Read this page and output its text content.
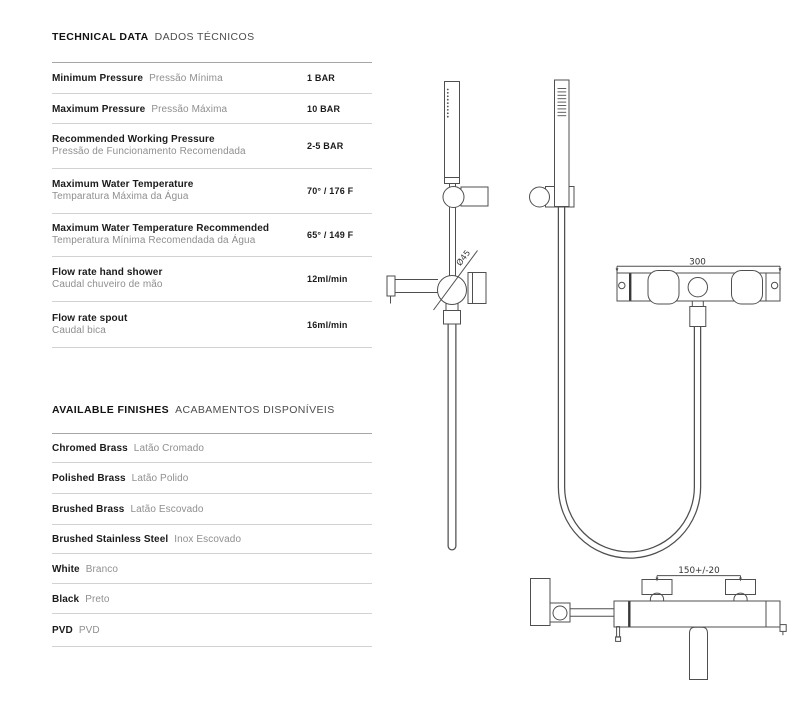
TECHNICAL DATA DADOS TÉCNICOS
Minimum Pressure Pressão Mínima	1 BAR
Maximum Pressure Pressão Máxima	10 BAR
Recommended Working Pressure
Pressão de Funcionamento Recomendada	2-5 BAR
Maximum Water Temperature
Temparatura Máxima da Água	70° / 176 F
Maximum Water Temperature Recommended
Temperatura Mínima Recomendada da Água	65° / 149 F
Flow rate hand shower
Caudal chuveiro de mão	12ml/min
Flow rate spout
Caudal bica	16ml/min
AVAILABLE FINISHES ACABAMENTOS DISPONÍVEIS
Chromed Brass Latão Cromado
Polished Brass Latão Polido
Brushed Brass Latão Escovado
Brushed Stainless Steel Inox Escovado
White Branco
Black Preto
PVD PVD
Ø45	300
150+/-20
